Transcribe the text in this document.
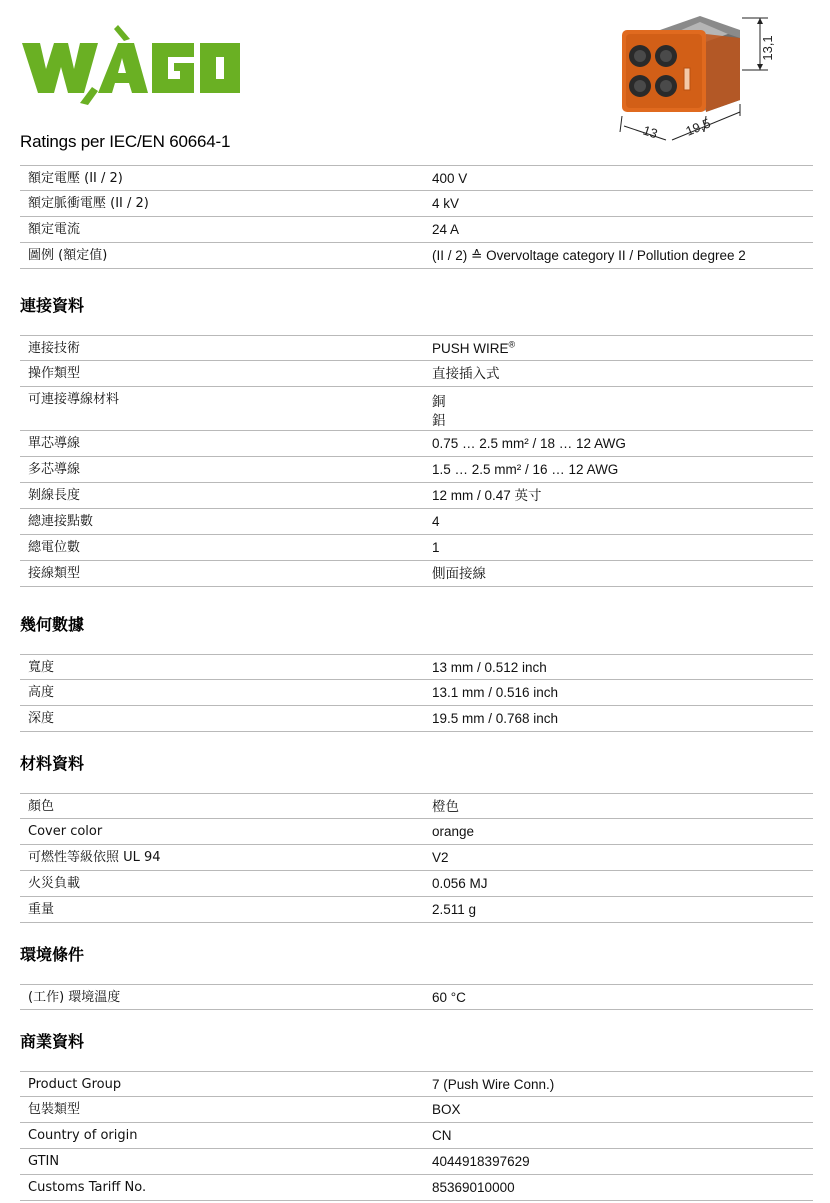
13,1
13 19,5
Ratings per IEC/EN 60664-1
額定電壓 (II / 2)	400 V
額定脈衝電壓 (II / 2)	4 kV
額定電流	24 A
圖例 (額定值)	(II / 2) ≙ Overvoltage category II / Pollution degree 2
連接資料
連接技術	PUSH WIRE®
操作類型	直接插入式
可連接導線材料	銅
鋁
單芯導線	0.75 … 2.5 mm² / 18 … 12 AWG
多芯導線	1.5 … 2.5 mm² / 16 … 12 AWG
剝線長度	12 mm / 0.47 英寸
總連接點數	4
總電位數	1
接線類型	側面接線
幾何數據
寬度	13 mm / 0.512 inch
高度	13.1 mm / 0.516 inch
深度	19.5 mm / 0.768 inch
材料資料
顏色	橙色
Cover color	orange
可燃性等級依照 UL 94	V2
火災負載	0.056 MJ
重量	2.511 g
環境條件
(工作) 環境溫度	60 °C
商業資料
Product Group	7 (Push Wire Conn.)
包裝類型	BOX
Country of origin	CN
GTIN	4044918397629
Customs Tariff No.	85369010000
